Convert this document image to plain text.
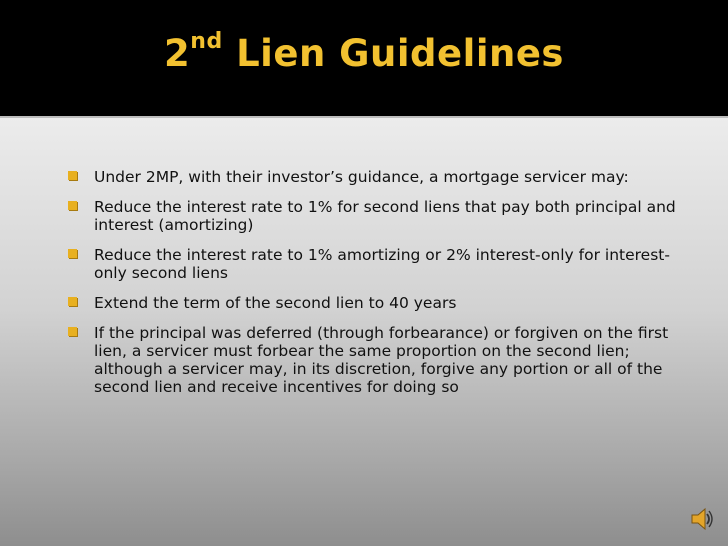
2nd Lien Guidelines
Under 2MP, with their investor’s guidance, a mortgage servicer may:
Reduce the interest rate to 1% for second liens that pay both principal and interest (amortizing)
Reduce the interest rate to 1% amortizing or 2% interest-only for interest-only second liens
Extend the term of the second lien to 40 years
If the principal was deferred (through forbearance) or forgiven on the first lien, a servicer must forbear the same proportion on the second lien; although a servicer may, in its discretion, forgive any portion or all of the second lien and receive incentives for doing so
